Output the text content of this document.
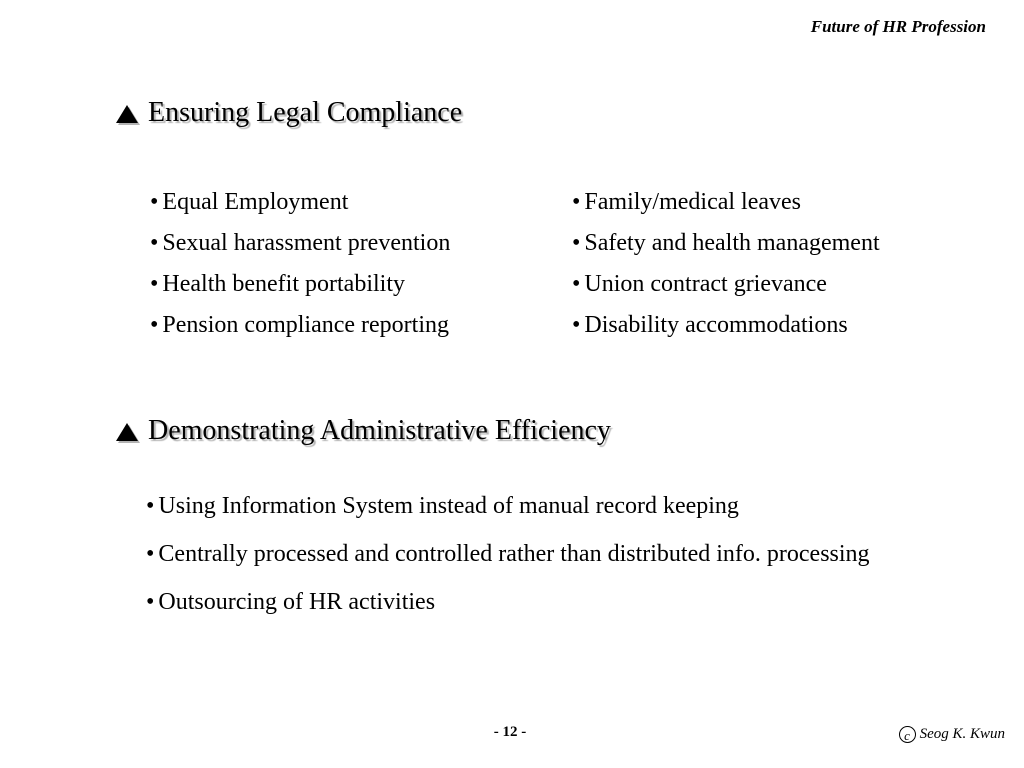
Future of HR Profession
Ensuring Legal Compliance
• Equal Employment
• Sexual harassment prevention
• Health benefit portability
• Pension compliance reporting
• Family/medical leaves
• Safety and health management
• Union contract grievance
• Disability accommodations
Demonstrating Administrative Efficiency
• Using Information System instead of manual record keeping
• Centrally processed and controlled rather than distributed info. processing
• Outsourcing of HR activities
- 12 -	c Seog K. Kwun
